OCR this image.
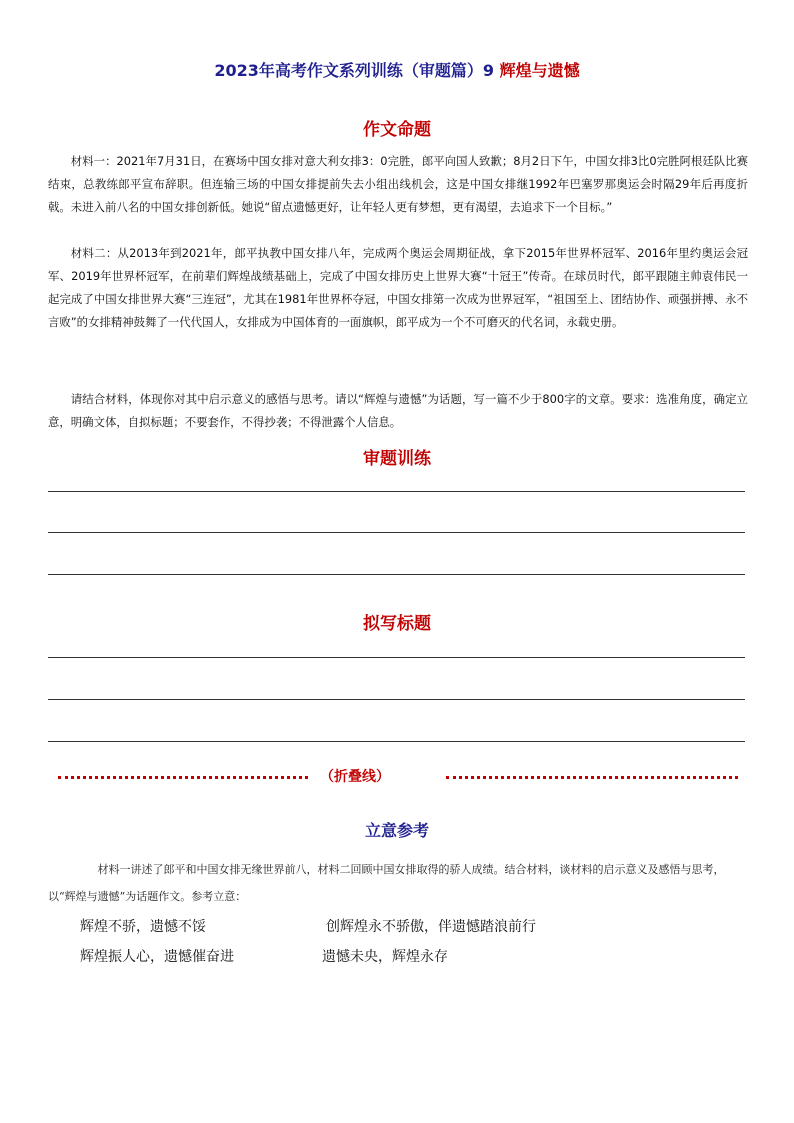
2023年高考作文系列训练（审题篇）9 辉煌与遗憾
作文命题

材料一：2021年7月31日，在赛场中国女排对意大利女排3：0完胜，郎平向国人致歉；8月2日下午，中国女排3比0完胜阿根廷队比赛结束，总教练郎平宣布辞职。但连输三场的中国女排提前失去小组出线机会，这是中国女排继1992年巴塞罗那奥运会时隔29年后再度折戟。未进入前八名的中国女排创新低。她说“留点遗憾更好，让年轻人更有梦想，更有渴望，去追求下一个目标。”

材料二：从2013年到2021年，郎平执教中国女排八年，完成两个奥运会周期征战，拿下2015年世界杯冠军、2016年里约奥运会冠军、2019年世界杯冠军，在前辈们辉煌战绩基础上，完成了中国女排历史上世界大赛“十冠王”传奇。在球员时代，郎平跟随主帅袁伟民一起完成了中国女排世界大赛“三连冠”，尤其在1981年世界杯夺冠，中国女排第一次成为世界冠军，“祖国至上、团结协作、顽强拼搏、永不言败”的女排精神鼓舞了一代代国人，女排成为中国体育的一面旗帜，郎平成为一个不可磨灭的代名词，永载史册。

请结合材料，体现你对其中启示意义的感悟与思考。请以“辉煌与遗憾”为话题，写一篇不少于800字的文章。要求：选准角度，确定立意，明确文体，自拟标题；不要套作，不得抄袭；不得泄露个人信息。

审题训练
拟写标题
（折叠线）
立意参考

材料一讲述了郎平和中国女排无缘世界前八，材料二回顾中国女排取得的骄人成绩。结合材料，谈材料的启示意义及感悟与思考，以“辉煌与遗憾”为话题作文。参考立意：

辉煌不骄，遗憾不馁	创辉煌永不骄傲，伴遗憾踏浪前行
辉煌振人心，遗憾催奋进	遗憾未央，辉煌永存
